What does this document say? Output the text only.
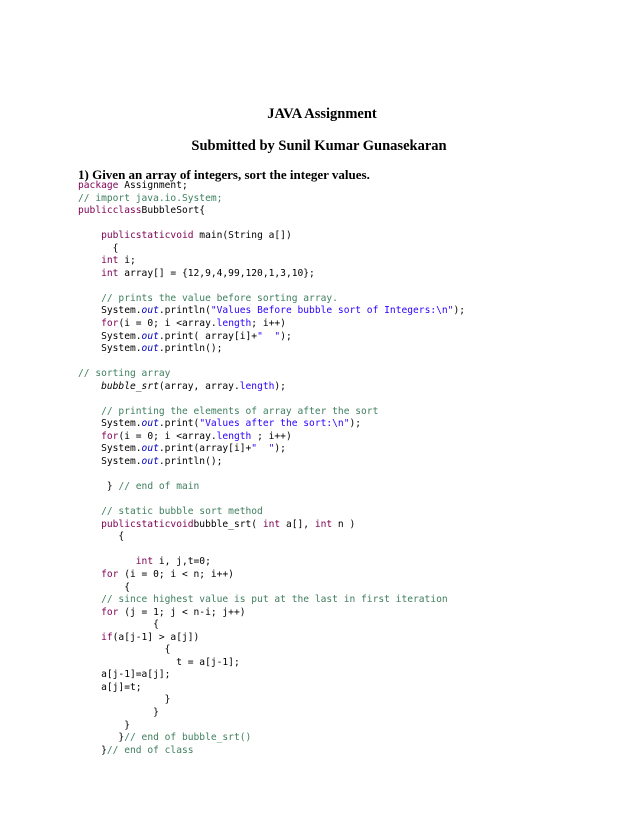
JAVA Assignment
Submitted by Sunil Kumar Gunasekaran
1) Given an array of integers, sort the integer values.
package Assignment;
// import java.io.System;
publicclassBubbleSort{
publicstaticvoid main(String a[])
{
int i;
int array[] = {12,9,4,99,120,1,3,10};
// prints the value before sorting array.
System.out.println("Values Before bubble sort of Integers:\n");
for(i = 0; i <array.length; i++)
System.out.print( array[i]+"  ");
System.out.println();
// sorting array
bubble_srt(array, array.length);
// printing the elements of array after the sort
System.out.print("Values after the sort:\n");
for(i = 0; i <array.length ; i++)
System.out.print(array[i]+"  ");
System.out.println();
} // end of main
// static bubble sort method
publicstaticvoidbubble_srt( int a[], int n )
{
int i, j,t=0;
for (i = 0; i < n; i++)
{
// since highest value is put at the last in first iteration
for (j = 1; j < n-i; j++)
{
if(a[j-1] > a[j])
{
t = a[j-1];
a[j-1]=a[j];
a[j]=t;
}
}
}
}// end of bubble_srt()
}// end of class
